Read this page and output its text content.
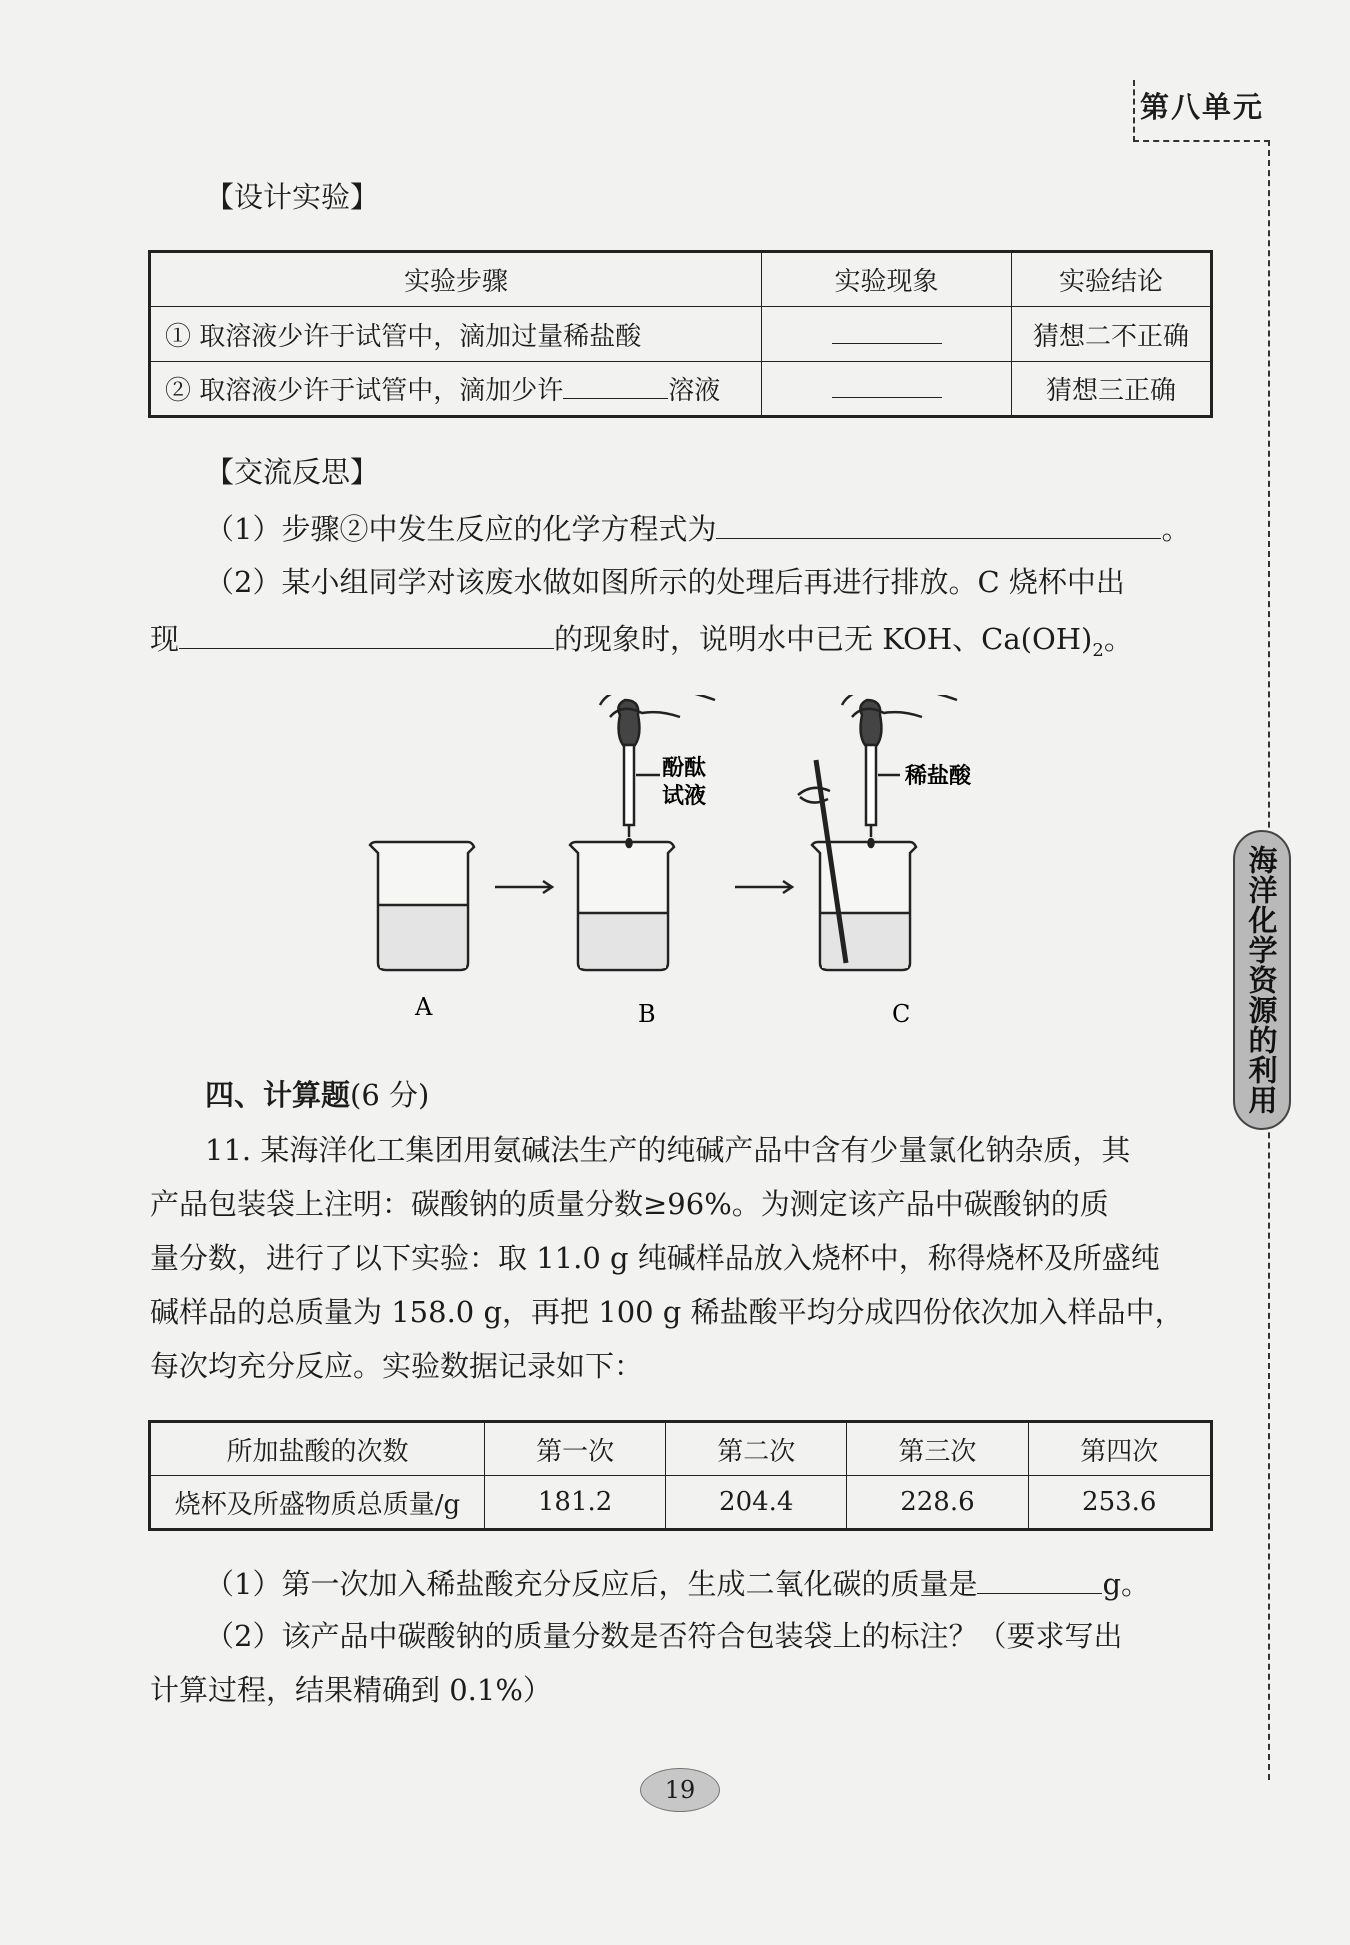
第八单元
海洋化学资源的利用
【设计实验】
实验步骤	实验现象	实验结论
① 取溶液少许于试管中，滴加过量稀盐酸		猜想二不正确
② 取溶液少许于试管中，滴加少许 溶液		猜想三正确
【交流反思】
（1）步骤②中发生反应的化学方程式为	。
（2）某小组同学对该废水做如图所示的处理后再进行排放。C 烧杯中出
现	的现象时，说明水中已无 KOH、$Ca(OH)_2$。
酚酞
试液
稀盐酸
A	B	C
四、计算题(6 分)
11. 某海洋化工集团用氨碱法生产的纯碱产品中含有少量氯化钠杂质，其
产品包装袋上注明：碳酸钠的质量分数≥96%。为测定该产品中碳酸钠的质
量分数，进行了以下实验：取 11.0 g 纯碱样品放入烧杯中，称得烧杯及所盛纯
碱样品的总质量为 158.0 g，再把 100 g 稀盐酸平均分成四份依次加入样品中，
每次均充分反应。实验数据记录如下：
所加盐酸的次数	第一次	第二次	第三次	第四次
烧杯及所盛物质总质量/g	181.2	204.4	228.6	253.6
（1）第一次加入稀盐酸充分反应后，生成二氧化碳的质量是	g。
（2）该产品中碳酸钠的质量分数是否符合包装袋上的标注？（要求写出
计算过程，结果精确到 0.1%）
19
